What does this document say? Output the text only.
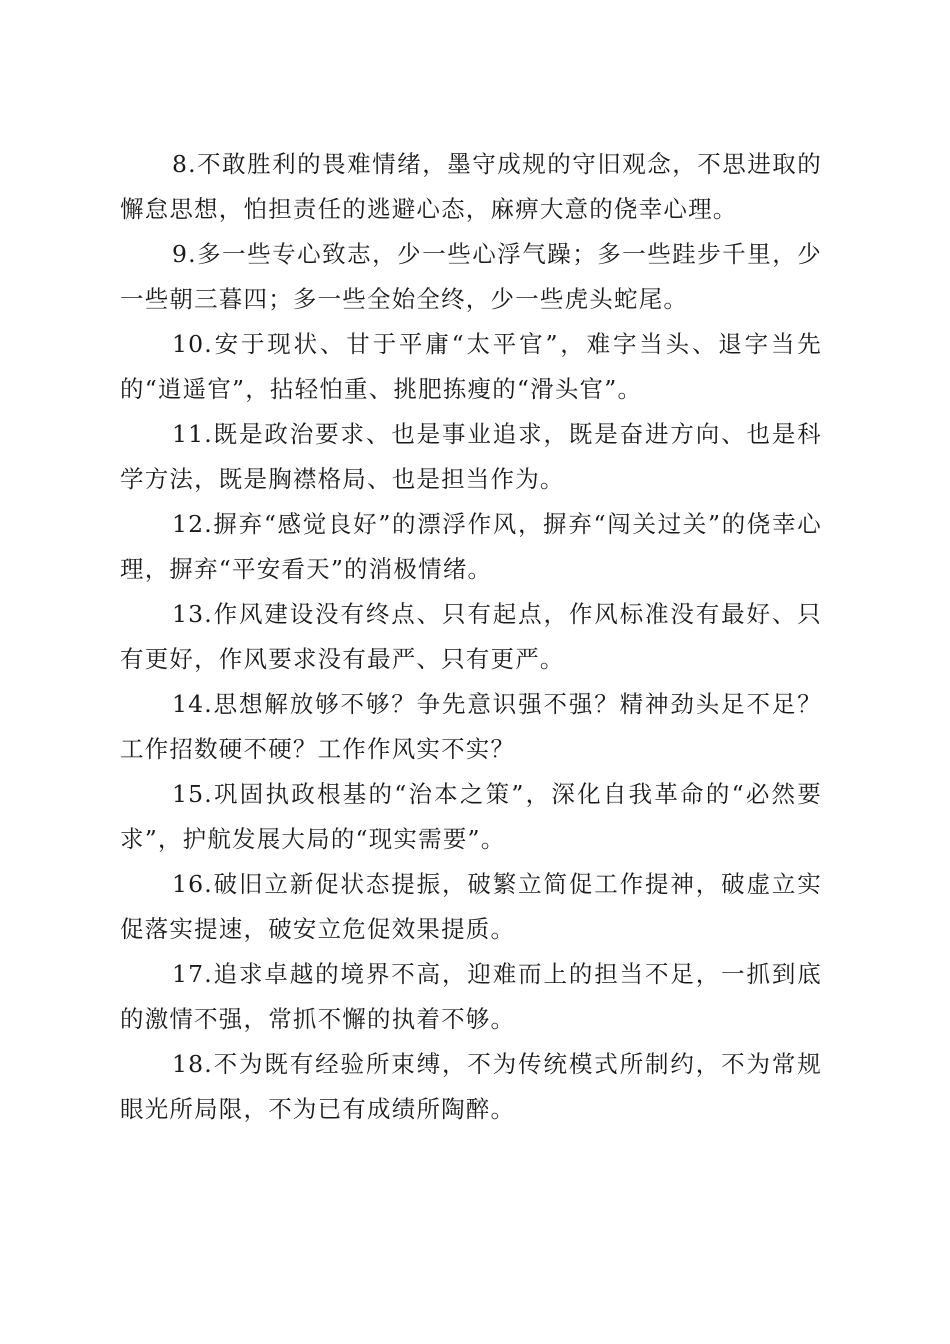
8.不敢胜利的畏难情绪，墨守成规的守旧观念，不思进取的懈怠思想，怕担责任的逃避心态，麻痹大意的侥幸心理。

9.多一些专心致志，少一些心浮气躁；多一些跬步千里，少一些朝三暮四；多一些全始全终，少一些虎头蛇尾。

10.安于现状、甘于平庸“太平官”，难字当头、退字当先的“逍遥官”，拈轻怕重、挑肥拣瘦的“滑头官”。

11.既是政治要求、也是事业追求，既是奋进方向、也是科学方法，既是胸襟格局、也是担当作为。

12.摒弃“感觉良好”的漂浮作风，摒弃“闯关过关”的侥幸心理，摒弃“平安看天”的消极情绪。

13.作风建设没有终点、只有起点，作风标准没有最好、只有更好，作风要求没有最严、只有更严。

14.思想解放够不够？争先意识强不强？精神劲头足不足？工作招数硬不硬？工作作风实不实？

15.巩固执政根基的“治本之策”，深化自我革命的“必然要求”，护航发展大局的“现实需要”。

16.破旧立新促状态提振，破繁立简促工作提神，破虚立实促落实提速，破安立危促效果提质。

17.追求卓越的境界不高，迎难而上的担当不足，一抓到底的激情不强，常抓不懈的执着不够。

18.不为既有经验所束缚，不为传统模式所制约，不为常规眼光所局限，不为已有成绩所陶醉。
